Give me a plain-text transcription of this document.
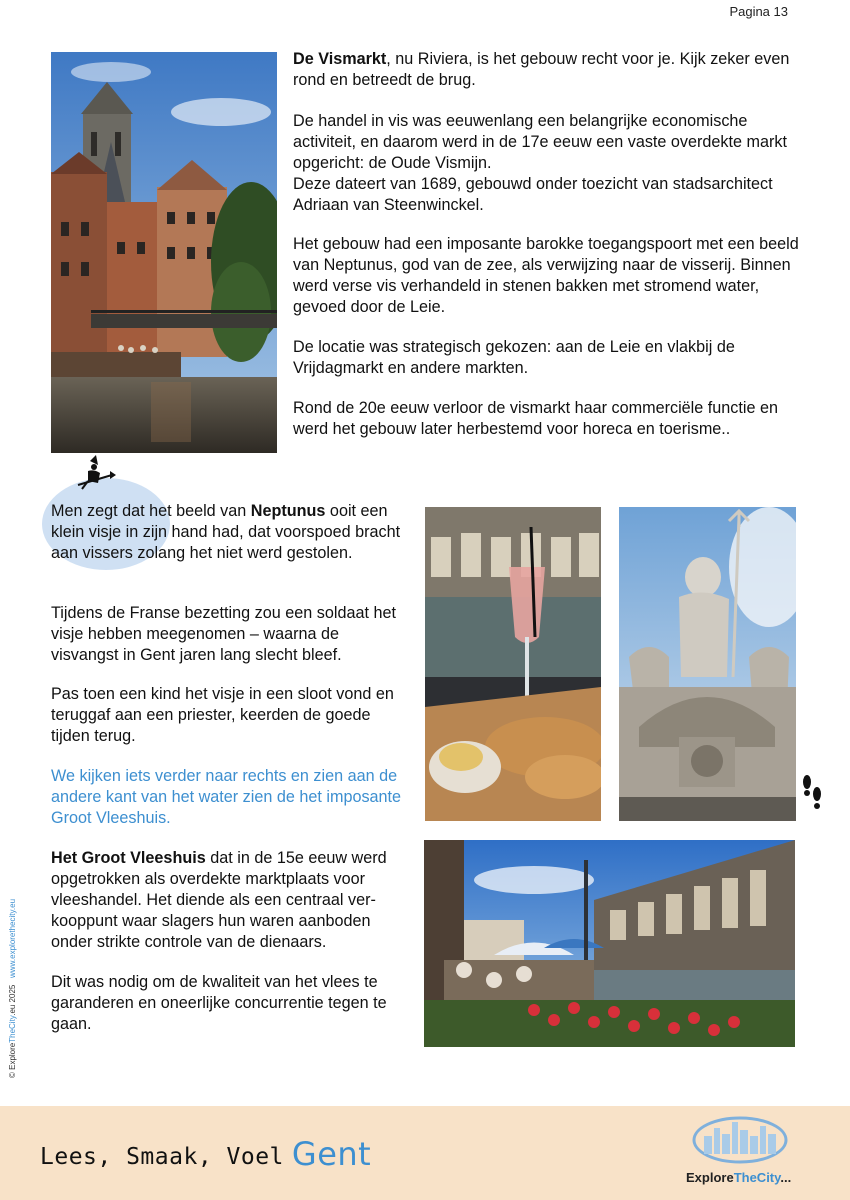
Pagina 13
De Vismarkt, nu Riviera, is het gebouw recht voor je. Kijk zeker even rond en betreedt de brug.
De handel in vis was eeuwenlang een belangrijke economische activiteit, en daarom werd in de 17e eeuw een vaste overdekte markt opgericht: de Oude Vismijn.
Deze dateert van 1689, gebouwd onder toezicht van stadsarchitect Adriaan van Steenwinckel.
Het gebouw had een imposante barokke toegangspoort met een beeld van Neptunus, god van de zee, als verwijzing naar de visserij. Binnen werd verse vis verhandeld in stenen bakken met stromend water, gevoed door de Leie.
De locatie was strategisch gekozen: aan de Leie en vlakbij de Vrijdagmarkt en andere markten.
Rond de 20e eeuw verloor de vismarkt haar commerciële functie en werd het gebouw later herbestemd voor horeca en toerisme..
Men zegt dat het beeld van Neptunus ooit een klein visje in zijn hand had, dat voorspoed bracht aan vissers zolang het niet werd gestolen.
Tijdens de Franse bezetting zou een soldaat het visje hebben meegenomen – waarna de visvangst in Gent jaren lang slecht bleef.
Pas toen een kind het visje in een sloot vond en teruggaf aan een priester, keerden de goede tijden terug.
We kijken iets verder naar rechts en zien aan de andere kant van het water zien de het imposante Groot Vleeshuis.
Het Groot Vleeshuis dat in de 15e eeuw werd opgetrokken als overdekte marktplaats voor vleeshandel. Het diende als een centraal verkooppunt waar slagers hun waren aanboden onder strikte controle van de dienaars.
Dit was nodig om de kwaliteit van het vlees te garanderen en oneerlijke concurrentie tegen te gaan.
© ExploreTheCity.eu 2025   www.explorethecity.eu
Lees, Smaak, Voel Gent
ExploreTheCity...
